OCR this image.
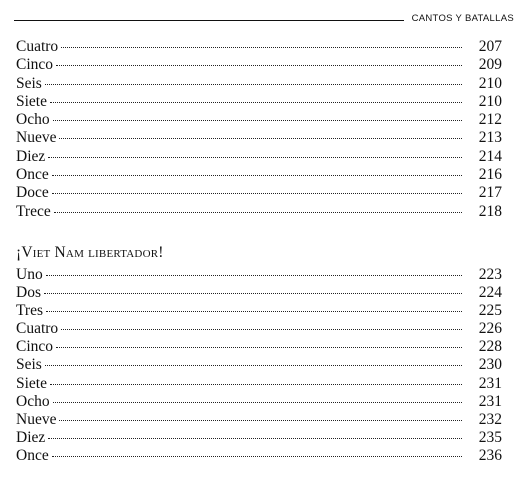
CANTOS Y BATALLAS
Cuatro	207
Cinco	209
Seis	210
Siete	210
Ocho	212
Nueve	213
Diez	214
Once	216
Doce	217
Trece	218
¡Viet Nam libertador!
Uno	223
Dos	224
Tres	225
Cuatro	226
Cinco	228
Seis	230
Siete	231
Ocho	231
Nueve	232
Diez	235
Once	236
